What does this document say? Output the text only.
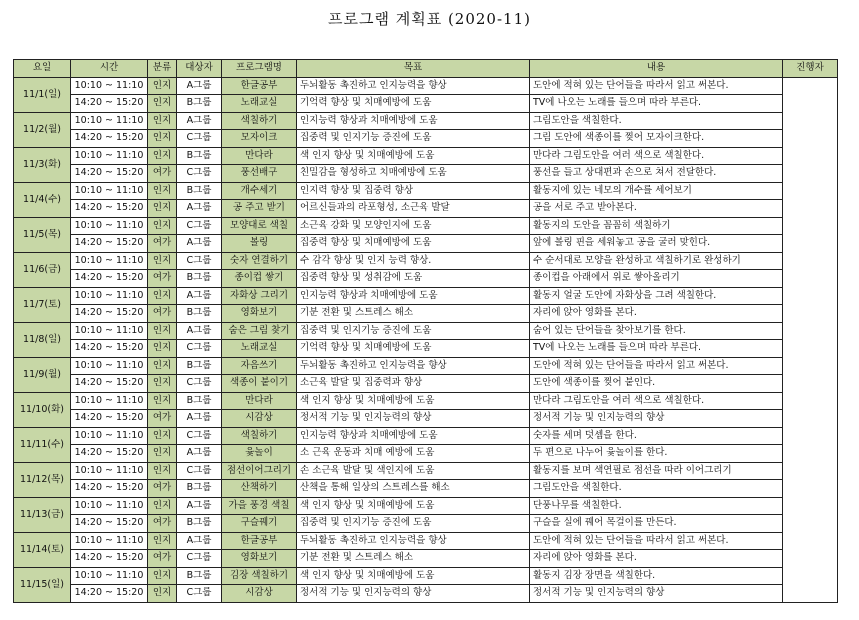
프로그램 계획표 (2020-11)
요일	시간	분류	대상자	프로그램명	목표	내용	진행자
11/1(일)	10:10 ~ 11:10	인지	A그룹	한글공부	두뇌활동 촉진하고 인지능력을 향상	도안에 적혀 있는 단어들을 따라서 읽고 써본다.	
	14:20 ~ 15:20	인지	B그룹	노래교실	기억력 향상 및 치매예방에 도움	TV에 나오는 노래를 들으며 따라 부른다.	
11/2(월)	10:10 ~ 11:10	인지	A그룹	색칠하기	인지능력 향상과 치매예방에 도움	그림도안을 색칠한다.	
	14:20 ~ 15:20	인지	C그룹	모자이크	집중력 및 인지기능 증진에 도움	그림 도안에 색종이를 찢어 모자이크한다.	
11/3(화)	10:10 ~ 11:10	인지	B그룹	만다라	색 인지 향상 및 치매예방에 도움	만다라 그림도안을 여러 색으로 색칠한다.	
	14:20 ~ 15:20	여가	C그룹	풍선배구	친밀감을 형성하고 치매예방에 도움	풍선을 들고 상대편과 손으로 쳐서 전달한다.	
11/4(수)	10:10 ~ 11:10	인지	B그룹	개수세기	인지력 향상 및 집중력 향상	활동지에 있는 네모의 개수를 세어보기	
	14:20 ~ 15:20	인지	A그룹	공 주고 받기	어르신들과의 라포형성, 소근육 발달	공을 서로 주고 받아본다.	
11/5(목)	10:10 ~ 11:10	인지	C그룹	모양대로 색칠	소근육 강화 및 모양인지에 도움	활동지의 도안을 꼼꼼히 색칠하기	
	14:20 ~ 15:20	여가	A그룹	볼링	집중력 향상 및 치매예방에 도움	앞에 볼링 핀을 세워놓고 공을 굴러 맞힌다.	
11/6(금)	10:10 ~ 11:10	인지	C그룹	숫자 연결하기	수 감각 향상 및 인지 능력 향상.	수 순서대로 모양을 완성하고 색칠하기로 완성하기	
	14:20 ~ 15:20	여가	B그룹	종이컵 쌓기	집중력 향상 및 성취감에 도움	종이컵을 아래에서 위로 쌓아올리기	
11/7(토)	10:10 ~ 11:10	인지	A그룹	자화상 그리기	인지능력 향상과 치매예방에 도움	활동지 얼굴 도안에 자화상을 그려 색칠한다.	
	14:20 ~ 15:20	여가	B그룹	영화보기	기분 전환 및 스트레스 해소	자리에 앉아 영화를 본다.	
11/8(일)	10:10 ~ 11:10	인지	A그룹	숨은 그림 찾기	집중력 및 인지기능 증진에 도움	숨어 있는 단어들을 찾아보기를 한다.	
	14:20 ~ 15:20	인지	C그룹	노래교실	기억력 향상 및 치매예방에 도움	TV에 나오는 노래를 들으며 따라 부른다.	
11/9(월)	10:10 ~ 11:10	인지	B그룹	자음쓰기	두뇌활동 촉진하고 인지능력을 향상	도안에 적혀 있는 단어들을 따라서 읽고 써본다.	
	14:20 ~ 15:20	인지	C그룹	색종이 붙이기	소근육 발달 및 집중력과 향상	도안에 색종이를 찢어 붙인다.	
11/10(화)	10:10 ~ 11:10	인지	B그룹	만다라	색 인지 향상 및 치매예방에 도움	만다라 그림도안을 여러 색으로 색칠한다.	
	14:20 ~ 15:20	여가	A그룹	시감상	정서적 기능 및 인지능력의 향상	정서적 기능 및 인지능력의 향상	
11/11(수)	10:10 ~ 11:10	인지	C그룹	색칠하기	인지능력 향상과 치매예방에 도움	숫자를 세며 덧셈을 한다.	
	14:20 ~ 15:20	인지	A그룹	윷놀이	소 근육 운동과 치매 예방에 도움	두 편으로 나누어 윷놀이를 한다.	
11/12(목)	10:10 ~ 11:10	인지	C그룹	점선이어그리기	손 소근육 발달 및 색인지에 도움	활동지를 보며 색연필로 점선을 따라 이어그리기	
	14:20 ~ 15:20	여가	B그룹	산책하기	산책을 통해 일상의 스트레스를 해소	그림도안을 색칠한다.	
11/13(금)	10:10 ~ 11:10	인지	A그룹	가을 풍경 색칠	색 인지 향상 및 치매예방에 도움	단풍나무를 색칠한다.	
	14:20 ~ 15:20	여가	B그룹	구슬꿰기	집중력 및 인지기능 증진에 도움	구슬을 실에 꿰어 목걸이를 만든다.	
11/14(토)	10:10 ~ 11:10	인지	A그룹	한글공부	두뇌활동 촉진하고 인지능력을 향상	도안에 적혀 있는 단어들을 따라서 읽고 써본다.	
	14:20 ~ 15:20	여가	C그룹	영화보기	기분 전환 및 스트레스 해소	자리에 앉아 영화를 본다.	
11/15(일)	10:10 ~ 11:10	인지	B그룹	김장 색칠하기	색 인지 향상 및 치매예방에 도움	활동지 김장 장면을 색칠한다.	
	14:20 ~ 15:20	인지	C그룹	시감상	정서적 기능 및 인지능력의 향상	정서적 기능 및 인지능력의 향상	
